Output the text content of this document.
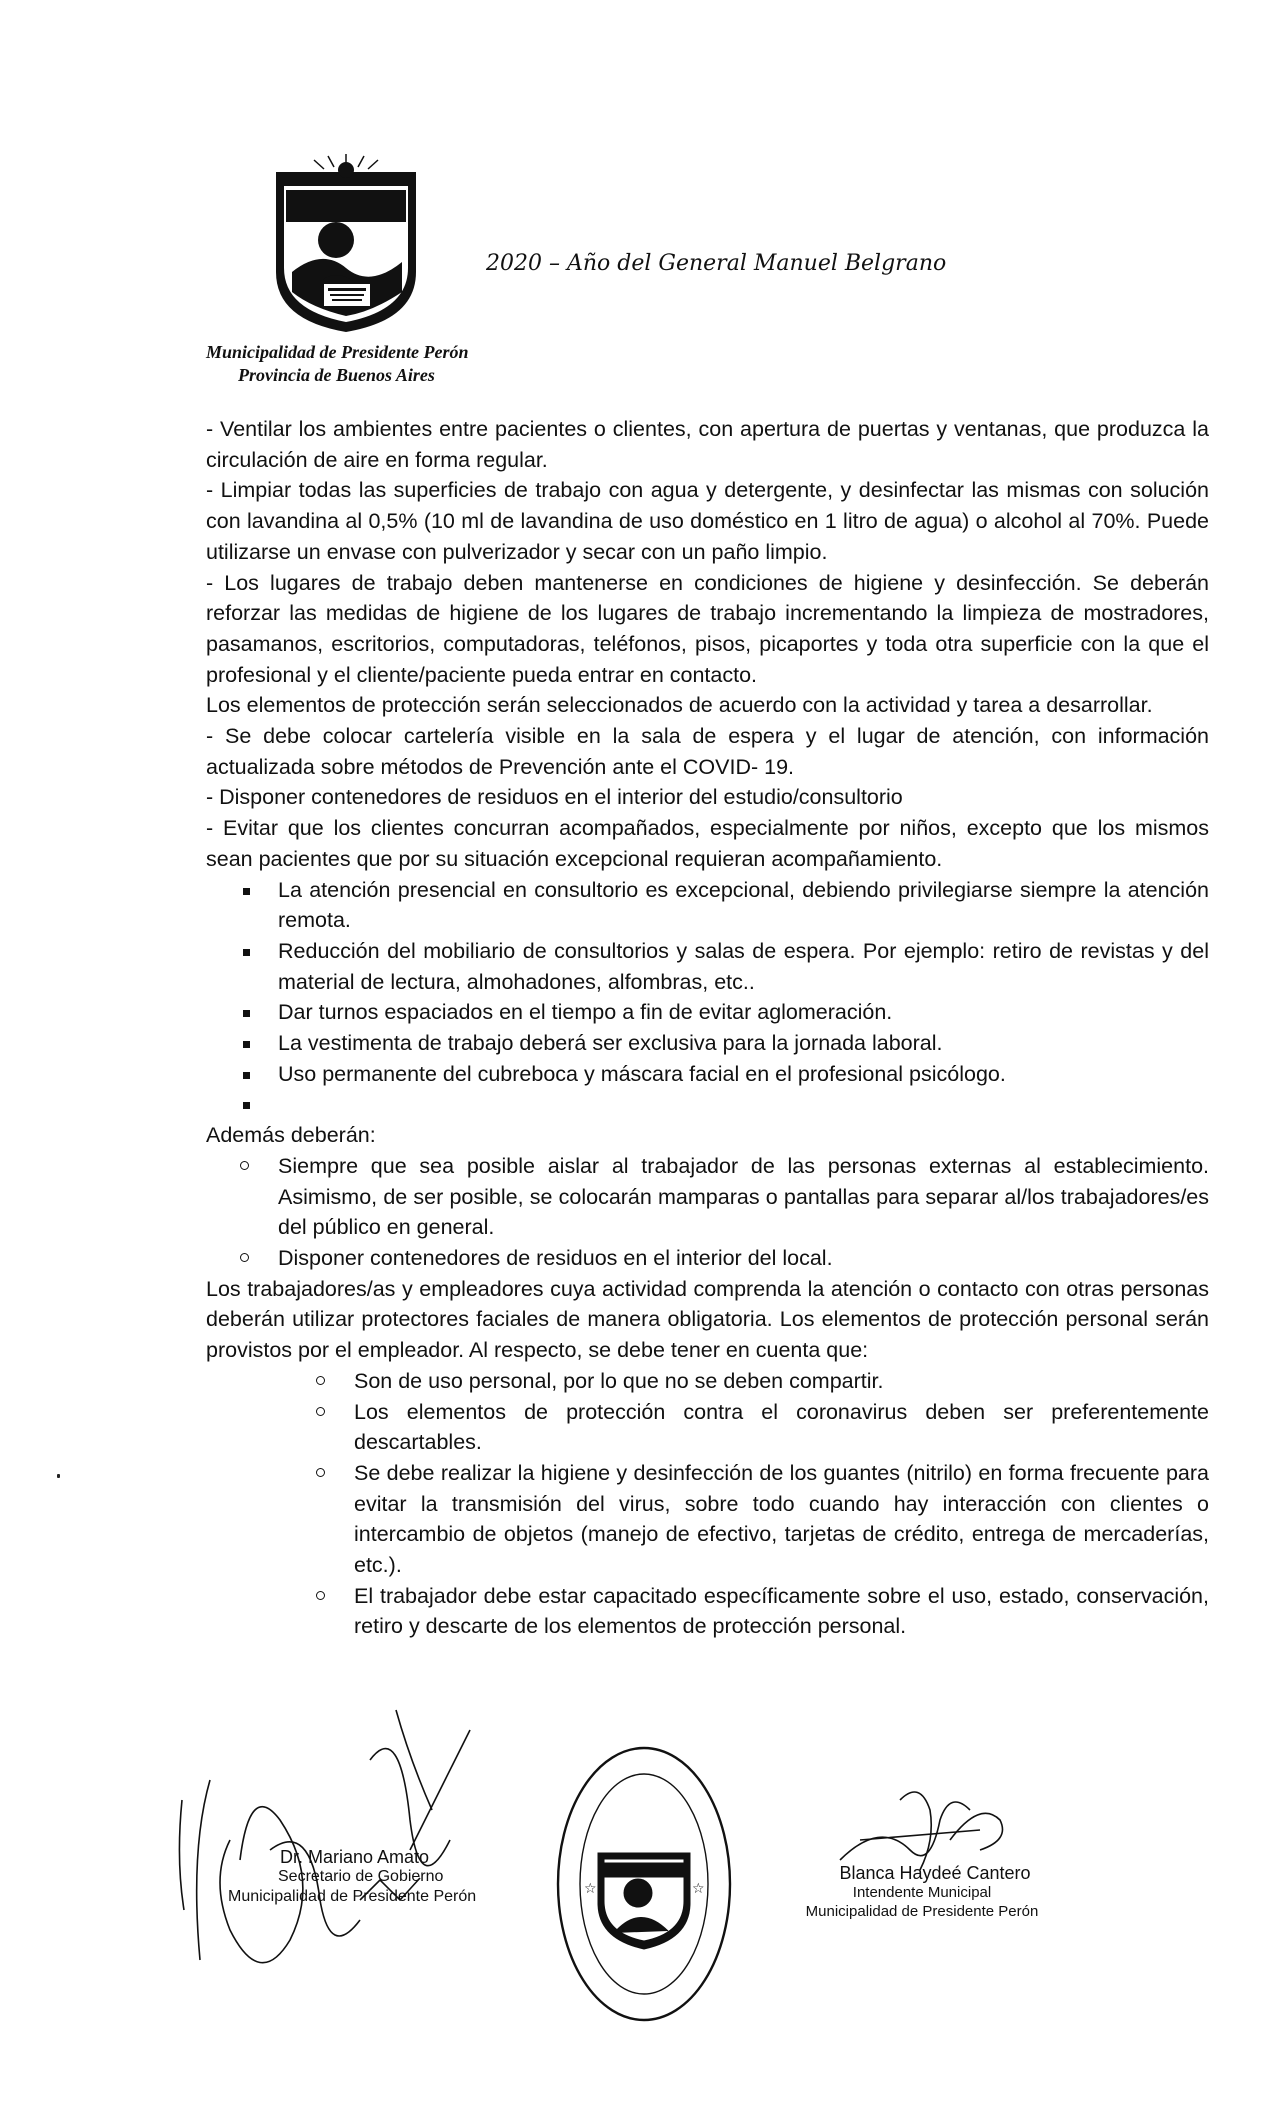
2020 – Año del General Manuel Belgrano
Municipalidad de Presidente Perón
Provincia de Buenos Aires

- Ventilar los ambientes entre pacientes o clientes, con apertura de puertas y ventanas, que produzca la circulación de aire en forma regular.

- Limpiar todas las superficies de trabajo con agua y detergente, y desinfectar las mismas con solución con lavandina al 0,5% (10 ml de lavandina de uso doméstico en 1 litro de agua) o alcohol al 70%. Puede utilizarse un envase con pulverizador y secar con un paño limpio.

- Los lugares de trabajo deben mantenerse en condiciones de higiene y desinfección. Se deberán reforzar las medidas de higiene de los lugares de trabajo incrementando la limpieza de mostradores, pasamanos, escritorios, computadoras, teléfonos, pisos, picaportes y toda otra superficie con la que el profesional y el cliente/paciente pueda entrar en contacto.

Los elementos de protección serán seleccionados de acuerdo con la actividad y tarea a desarrollar.

- Se debe colocar cartelería visible en la sala de espera y el lugar de atención, con información actualizada sobre métodos de Prevención ante el COVID- 19.

- Disponer contenedores de residuos en el interior del estudio/consultorio

- Evitar que los clientes concurran acompañados, especialmente por niños, excepto que los mismos sean pacientes que por su situación excepcional requieran acompañamiento.

La atención presencial en consultorio es excepcional, debiendo privilegiarse siempre la atención remota.
Reducción del mobiliario de consultorios y salas de espera. Por ejemplo: retiro de revistas y del material de lectura, almohadones, alfombras, etc..
Dar turnos espaciados en el tiempo a fin de evitar aglomeración.
La vestimenta de trabajo deberá ser exclusiva para la jornada laboral.
Uso permanente del cubreboca y máscara facial en el profesional psicólogo.

Además deberán:

Siempre que sea posible aislar al trabajador de las personas externas al establecimiento. Asimismo, de ser posible, se colocarán mamparas o pantallas para separar al/los trabajadores/es del público en general.
Disponer contenedores de residuos en el interior del local.

Los trabajadores/as y empleadores cuya actividad comprenda la atención o contacto con otras personas deberán utilizar protectores faciales de manera obligatoria. Los elementos de protección personal serán provistos por el empleador. Al respecto, se debe tener en cuenta que:

Son de uso personal, por lo que no se deben compartir.
Los elementos de protección contra el coronavirus deben ser preferentemente descartables.
Se debe realizar la higiene y desinfección de los guantes (nitrilo) en forma frecuente para evitar la transmisión del virus, sobre todo cuando hay interacción con clientes o intercambio de objetos (manejo de efectivo, tarjetas de crédito, entrega de mercaderías, etc.).
El trabajador debe estar capacitado específicamente sobre el uso, estado, conservación, retiro y descarte de los elementos de protección personal.
Dr. Mariano Amato
Secretario de Gobierno
Municipalidad de Presidente Perón	☆	☆
Blanca Haydeé Cantero
Intendente Municipal
Municipalidad de Presidente Perón
